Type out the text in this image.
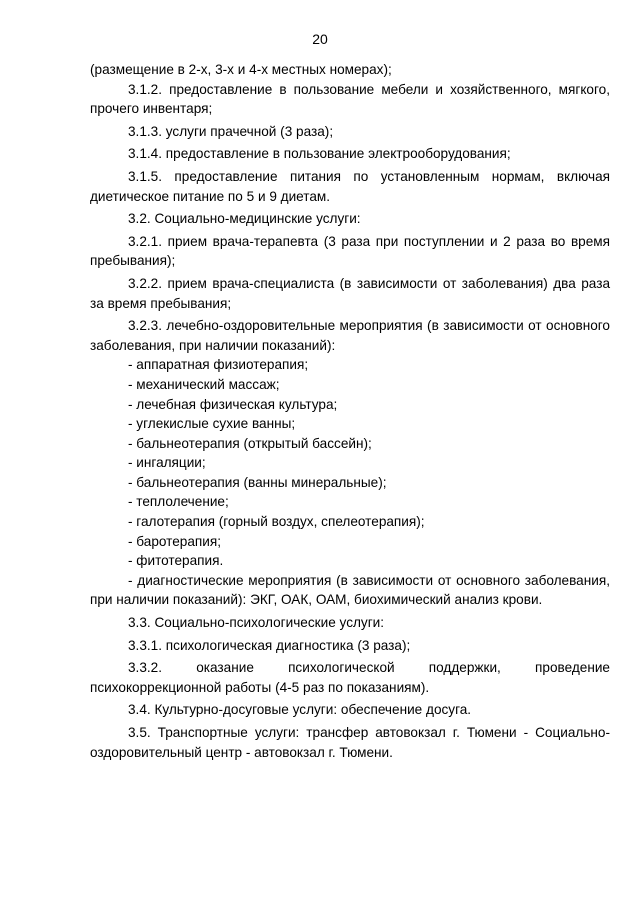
20

(размещение в 2-х, 3-х и 4-х местных номерах);

3.1.2. предоставление в пользование мебели и хозяйственного, мягкого, прочего инвентаря;

3.1.3. услуги прачечной (3 раза);

3.1.4. предоставление в пользование электрооборудования;

3.1.5. предоставление питания по установленным нормам, включая диетическое питание по 5 и 9 диетам.

3.2. Социально-медицинские услуги:

3.2.1. прием врача-терапевта (3 раза при поступлении и 2 раза во время пребывания);

3.2.2. прием врача-специалиста (в зависимости от заболевания) два раза за время пребывания;

3.2.3. лечебно-оздоровительные мероприятия (в зависимости от основного заболевания, при наличии показаний):

- аппаратная физиотерапия;

- механический массаж;

- лечебная физическая культура;

- углекислые сухие ванны;

- бальнеотерапия (открытый бассейн);

- ингаляции;

- бальнеотерапия (ванны минеральные);

- теплолечение;

- галотерапия (горный воздух, спелеотерапия);

- баротерапия;

- фитотерапия.

- диагностические мероприятия (в зависимости от основного заболевания, при наличии показаний): ЭКГ, ОАК, ОАМ, биохимический анализ крови.

3.3. Социально-психологические услуги:

3.3.1. психологическая диагностика (3 раза);

3.3.2. оказание психологической поддержки, проведение психокоррекционной работы (4-5 раз по показаниям).

3.4. Культурно-досуговые услуги: обеспечение досуга.

3.5. Транспортные услуги: трансфер автовокзал г. Тюмени - Социально-оздоровительный центр - автовокзал г. Тюмени.
